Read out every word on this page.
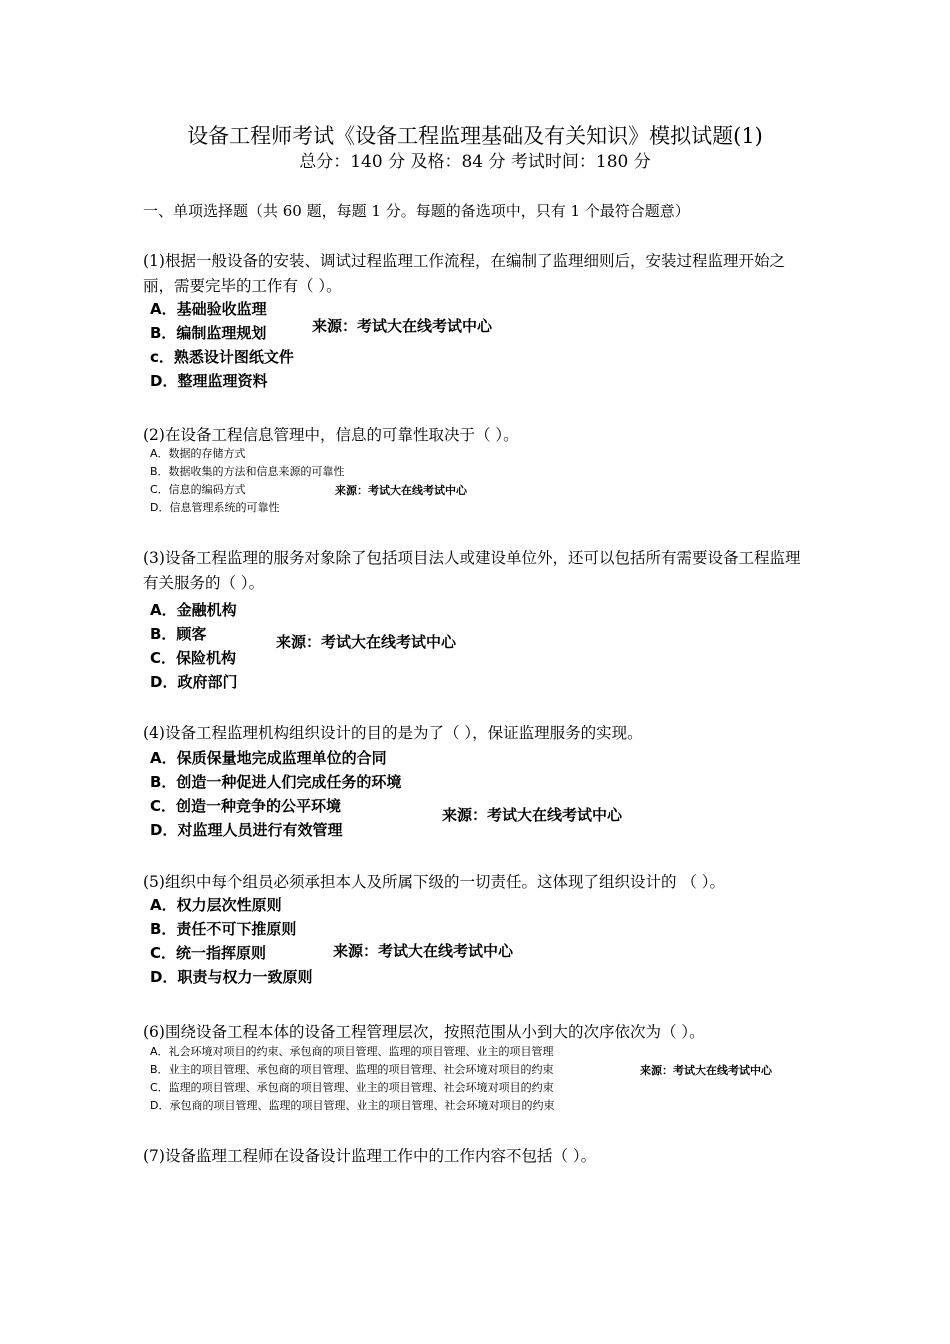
设备工程师考试《设备工程监理基础及有关知识》模拟试题(1)
总分：140 分 及格：84 分 考试时间：180 分
一、单项选择题（共 60 题，每题 1 分。每题的备选项中，只有 1 个最符合题意）
(1)根据一般设备的安装、调试过程监理工作流程，在编制了监理细则后，安装过程监理开始之丽，需要完毕的工作有（ ）。
A．基础验收监理
B．编制监理规划
c．熟悉设计图纸文件
D．整理监理资料
来源：考试大在线考试中心
(2)在设备工程信息管理中，信息的可靠性取决于（ ）。
A．数据的存储方式
B．数据收集的方法和信息来源的可靠性
C．信息的编码方式
D．信息管理系统的可靠性
来源：考试大在线考试中心
(3)设备工程监理的服务对象除了包括项目法人或建设单位外，还可以包括所有需要设备工程监理有关服务的（ ）。
A．金融机构
B．顾客
C．保险机构
D．政府部门
来源：考试大在线考试中心
(4)设备工程监理机构组织设计的目的是为了（ ），保证监理服务的实现。
A．保质保量地完成监理单位的合同
B．创造一种促进人们完成任务的环境
C．创造一种竞争的公平环境
D．对监理人员进行有效管理
来源：考试大在线考试中心
(5)组织中每个组员必须承担本人及所属下级的一切责任。这体现了组织设计的 （ ）。
A．权力层次性原则
B．责任不可下推原则
C．统一指挥原则
D．职责与权力一致原则
来源：考试大在线考试中心
(6)围绕设备工程本体的设备工程管理层次，按照范围从小到大的次序依次为（ ）。
A．礼会环境对项目的约束、承包商的项目管理、监理的项目管理、业主的项目管理
B．业主的项目管理、承包商的项目管理、监理的项目管理、社会环境对项目的约束
C．监理的项目管理、承包商的项目管理、业主的项目管理、社会环境对项目的约束
D．承包商的项目管理、监理的项目管理、业主的项目管理、社会环境对项目的约束
来源：考试大在线考试中心
(7)设备监理工程师在设备设计监理工作中的工作内容不包括（ ）。
